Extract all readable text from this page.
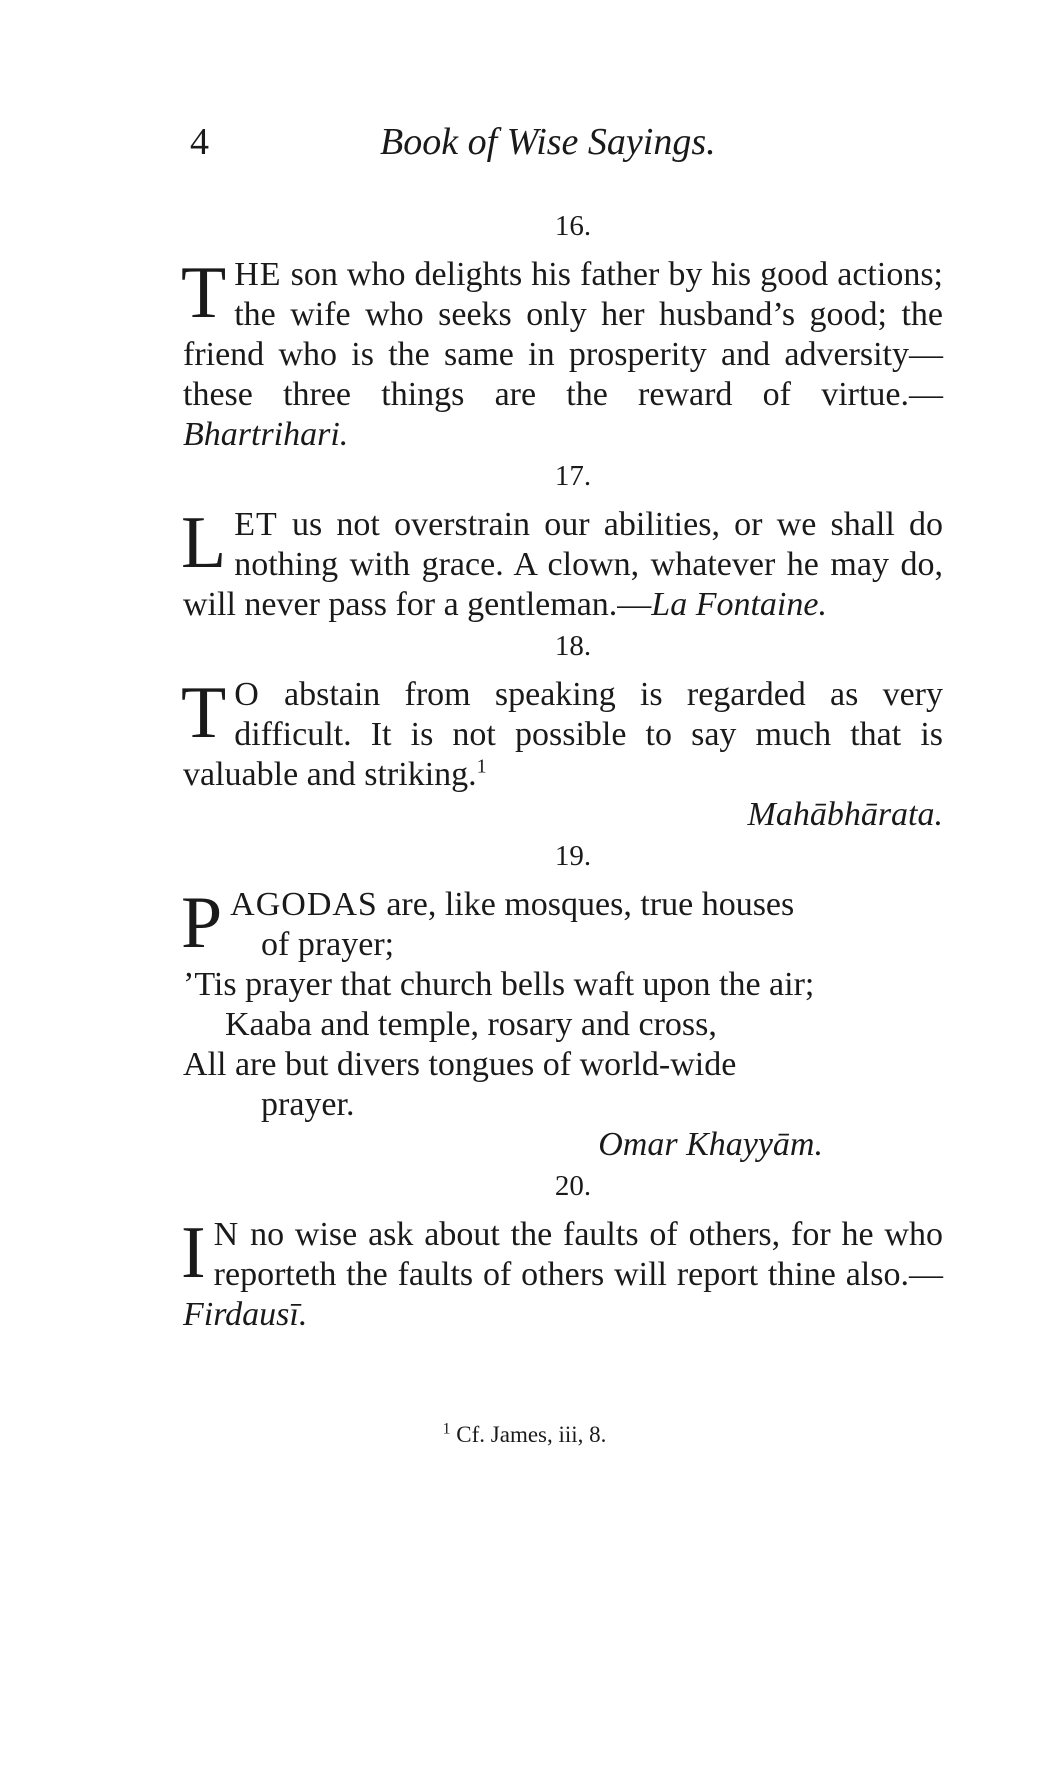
4	Book of Wise Sayings.
16.

THE son who delights his father by his good actions; the wife who seeks only her husband’s good; the friend who is the same in prosperity and adversity—these three things are the reward of virtue.—Bhartrihari.

17.

LET us not overstrain our abilities, or we shall do nothing with grace. A clown, whatever he may do, will never pass for a gentleman.—La Fontaine.

18.

T O abstain from speaking is regarded as very difficult. It is not possible to say much that is valuable and striking.$^1$

Mahābhārata.

19.

PAGODAS are, like mosques, true houses

of prayer;

’Tis prayer that church bells waft upon the air;

Kaaba and temple, rosary and cross,

All are but divers tongues of world-wide

prayer.

Omar Khayyām.

20.

I N no wise ask about the faults of others, for he who reporteth the faults of others will report thine also.—Firdausī.

$^1$ Cf. James, iii, 8.
